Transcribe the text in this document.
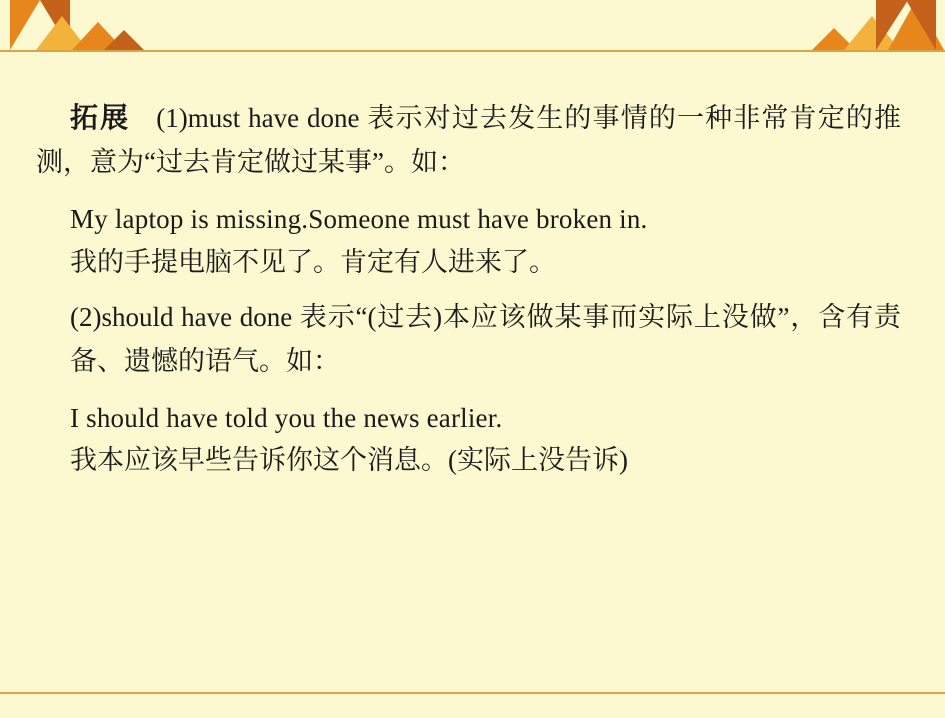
拓展 (1)must have done 表示对过去发生的事情的一种非常肯定的推测，意为“过去肯定做过某事”。如：

My laptop is missing.Someone must have broken in.
我的手提电脑不见了。肯定有人进来了。

(2)should have done 表示“(过去)本应该做某事而实际上没做”，含有责备、遗憾的语气。如：

I should have told you the news earlier.
我本应该早些告诉你这个消息。(实际上没告诉)
